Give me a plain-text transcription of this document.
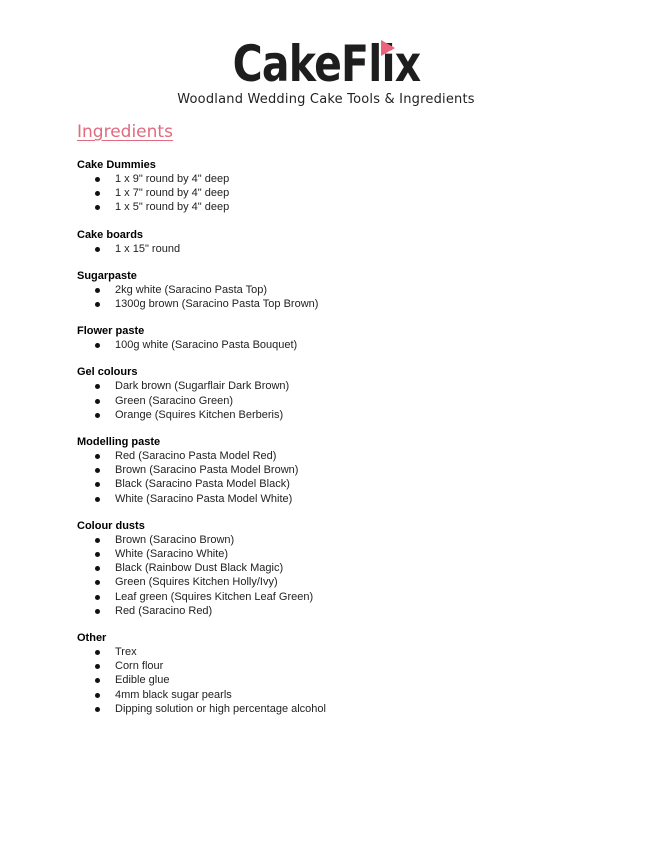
CakeFlix
Woodland Wedding Cake Tools & Ingredients
Ingredients
Cake Dummies
1 x 9" round by 4" deep
1 x 7" round by 4" deep
1 x 5" round by 4" deep
Cake boards
1 x 15" round
Sugarpaste
2kg white (Saracino Pasta Top)
1300g brown (Saracino Pasta Top Brown)
Flower paste
100g white (Saracino Pasta Bouquet)
Gel colours
Dark brown (Sugarflair Dark Brown)
Green (Saracino Green)
Orange (Squires Kitchen Berberis)
Modelling paste
Red (Saracino Pasta Model Red)
Brown (Saracino Pasta Model Brown)
Black (Saracino Pasta Model Black)
White (Saracino Pasta Model White)
Colour dusts
Brown (Saracino Brown)
White (Saracino White)
Black (Rainbow Dust Black Magic)
Green (Squires Kitchen Holly/Ivy)
Leaf green (Squires Kitchen Leaf Green)
Red (Saracino Red)
Other
Trex
Corn flour
Edible glue
4mm black sugar pearls
Dipping solution or high percentage alcohol
